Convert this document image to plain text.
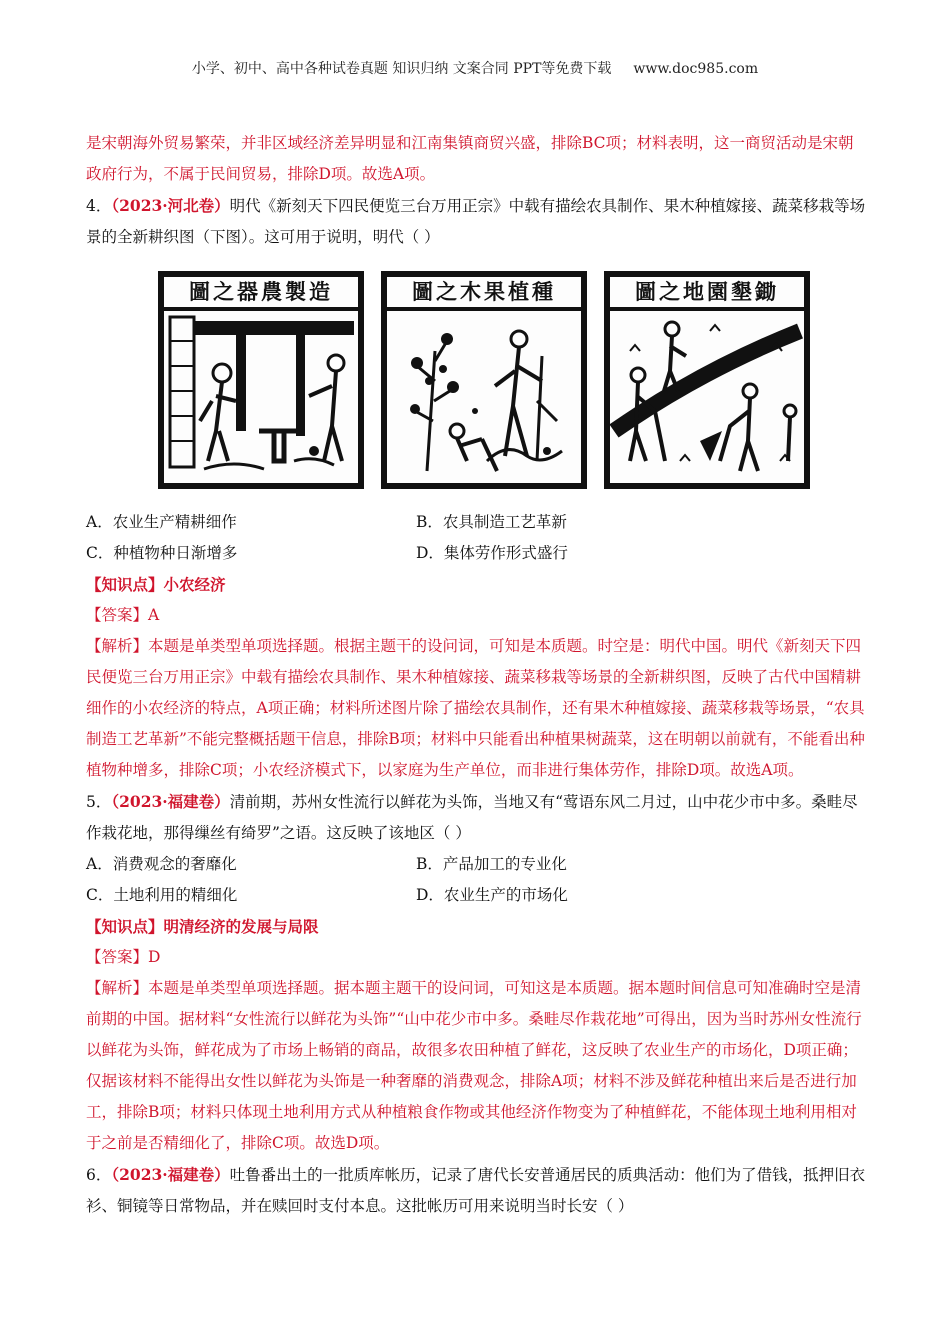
小学、初中、高中各种试卷真题 知识归纳 文案合同 PPT等免费下载 www.doc985.com

是宋朝海外贸易繁荣，并非区域经济差异明显和江南集镇商贸兴盛，排除BC项；材料表明，这一商贸活动是宋朝政府行为，不属于民间贸易，排除D项。故选A项。

4．（2023·河北卷）明代《新刻天下四民便览三台万用正宗》中载有描绘农具制作、果木种植嫁接、蔬菜移栽等场景的全新耕织图（下图）。这可用于说明，明代（ ）

圖之器農製造	圖之木果植種	圖之地園墾鋤
A．农业生产精耕细作	B．农具制造工艺革新
C．种植物种日渐增多	D．集体劳作形式盛行

【知识点】小农经济

【答案】A

【解析】本题是单类型单项选择题。根据主题干的设问词，可知是本质题。时空是：明代中国。明代《新刻天下四民便览三台万用正宗》中载有描绘农具制作、果木种植嫁接、蔬菜移栽等场景的全新耕织图，反映了古代中国精耕细作的小农经济的特点，A项正确；材料所述图片除了描绘农具制作，还有果木种植嫁接、蔬菜移栽等场景，“农具制造工艺革新”不能完整概括题干信息，排除B项；材料中只能看出种植果树蔬菜，这在明朝以前就有，不能看出种植物种增多，排除C项；小农经济模式下，以家庭为生产单位，而非进行集体劳作，排除D项。故选A项。

5．（2023·福建卷）清前期，苏州女性流行以鲜花为头饰，当地又有“莺语东风二月过，山中花少市中多。桑畦尽作栽花地，那得缫丝有绮罗”之语。这反映了该地区（ ）

A．消费观念的奢靡化	B．产品加工的专业化
C．土地利用的精细化	D．农业生产的市场化

【知识点】明清经济的发展与局限

【答案】D

【解析】本题是单类型单项选择题。据本题主题干的设问词，可知这是本质题。据本题时间信息可知准确时空是清前期的中国。据材料“女性流行以鲜花为头饰”“山中花少市中多。桑畦尽作栽花地”可得出，因为当时苏州女性流行以鲜花为头饰，鲜花成为了市场上畅销的商品，故很多农田种植了鲜花，这反映了农业生产的市场化，D项正确；仅据该材料不能得出女性以鲜花为头饰是一种奢靡的消费观念，排除A项；材料不涉及鲜花种植出来后是否进行加工，排除B项；材料只体现土地利用方式从种植粮食作物或其他经济作物变为了种植鲜花，不能体现土地利用相对于之前是否精细化了，排除C项。故选D项。

6．（2023·福建卷）吐鲁番出土的一批质库帐历，记录了唐代长安普通居民的质典活动：他们为了借钱，抵押旧衣衫、铜镜等日常物品，并在赎回时支付本息。这批帐历可用来说明当时长安（ ）
